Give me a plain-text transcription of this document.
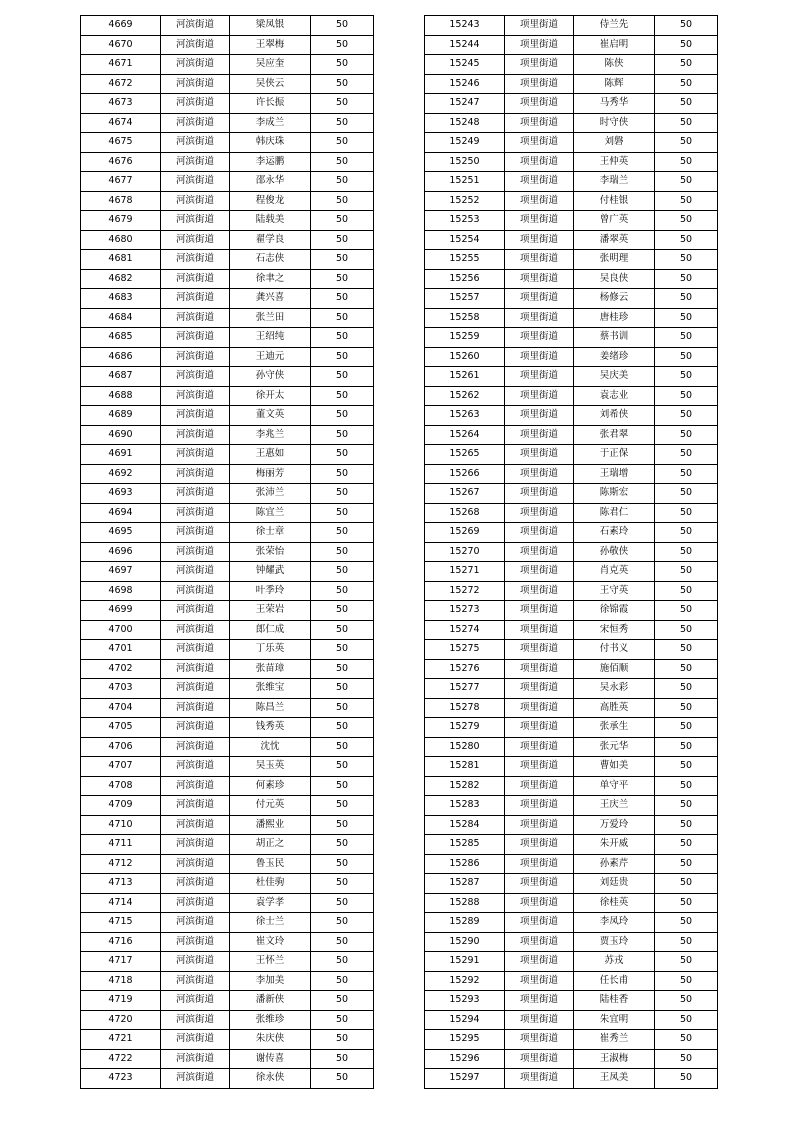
4669	河滨街道	梁凤银	50
4670	河滨街道	王翠梅	50
4671	河滨街道	吴应奎	50
4672	河滨街道	吴侠云	50
4673	河滨街道	许长振	50
4674	河滨街道	李成兰	50
4675	河滨街道	韩庆珠	50
4676	河滨街道	李运鹏	50
4677	河滨街道	邵永华	50
4678	河滨街道	程俊龙	50
4679	河滨街道	陆载美	50
4680	河滨街道	翟学良	50
4681	河滨街道	石志侠	50
4682	河滨街道	徐聿之	50
4683	河滨街道	龚兴喜	50
4684	河滨街道	张兰田	50
4685	河滨街道	王绍纯	50
4686	河滨街道	王迪元	50
4687	河滨街道	孙守侠	50
4688	河滨街道	徐开太	50
4689	河滨街道	董文英	50
4690	河滨街道	李兆兰	50
4691	河滨街道	王惠如	50
4692	河滨街道	梅丽芳	50
4693	河滨街道	张沛兰	50
4694	河滨街道	陈宜兰	50
4695	河滨街道	徐士章	50
4696	河滨街道	张荣怡	50
4697	河滨街道	钟耀武	50
4698	河滨街道	叶季玲	50
4699	河滨街道	王荣岩	50
4700	河滨街道	郎仁成	50
4701	河滨街道	丁乐英	50
4702	河滨街道	张苗璋	50
4703	河滨街道	张维宝	50
4704	河滨街道	陈昌兰	50
4705	河滨街道	钱秀英	50
4706	河滨街道	沈忱	50
4707	河滨街道	吴玉英	50
4708	河滨街道	何素珍	50
4709	河滨街道	付元英	50
4710	河滨街道	潘熙业	50
4711	河滨街道	胡正之	50
4712	河滨街道	鲁玉民	50
4713	河滨街道	杜佳驹	50
4714	河滨街道	袁学孝	50
4715	河滨街道	徐士兰	50
4716	河滨街道	崔文玲	50
4717	河滨街道	王怀兰	50
4718	河滨街道	李加美	50
4719	河滨街道	潘新侠	50
4720	河滨街道	张维珍	50
4721	河滨街道	朱庆侠	50
4722	河滨街道	谢传喜	50
4723	河滨街道	徐永侠	50
15243	项里街道	侍兰先	50
15244	项里街道	崔启明	50
15245	项里街道	陈侠	50
15246	项里街道	陈辉	50
15247	项里街道	马秀华	50
15248	项里街道	时守侠	50
15249	项里街道	刘磐	50
15250	项里街道	王仲英	50
15251	项里街道	李瑞兰	50
15252	项里街道	付桂银	50
15253	项里街道	曾广英	50
15254	项里街道	潘翠英	50
15255	项里街道	张明理	50
15256	项里街道	吴良侠	50
15257	项里街道	杨修云	50
15258	项里街道	唐桂珍	50
15259	项里街道	蔡书训	50
15260	项里街道	姜绪珍	50
15261	项里街道	吴庆美	50
15262	项里街道	袁志业	50
15263	项里街道	刘希侠	50
15264	项里街道	张君翠	50
15265	项里街道	于正保	50
15266	项里街道	王瑞增	50
15267	项里街道	陈斯宏	50
15268	项里街道	陈君仁	50
15269	项里街道	石素玲	50
15270	项里街道	孙敬侠	50
15271	项里街道	肖克英	50
15272	项里街道	王守英	50
15273	项里街道	徐锦霞	50
15274	项里街道	宋恒秀	50
15275	项里街道	付书义	50
15276	项里街道	施佰顺	50
15277	项里街道	吴永彩	50
15278	项里街道	高胜英	50
15279	项里街道	张承生	50
15280	项里街道	张元华	50
15281	项里街道	曹如美	50
15282	项里街道	单守平	50
15283	项里街道	王庆兰	50
15284	项里街道	万爱玲	50
15285	项里街道	朱开威	50
15286	项里街道	孙素芹	50
15287	项里街道	刘廷贵	50
15288	项里街道	徐桂英	50
15289	项里街道	李凤玲	50
15290	项里街道	贾玉玲	50
15291	项里街道	苏戎	50
15292	项里街道	任长甫	50
15293	项里街道	陆桂香	50
15294	项里街道	朱宜明	50
15295	项里街道	崔秀兰	50
15296	项里街道	王淑梅	50
15297	项里街道	王凤美	50
